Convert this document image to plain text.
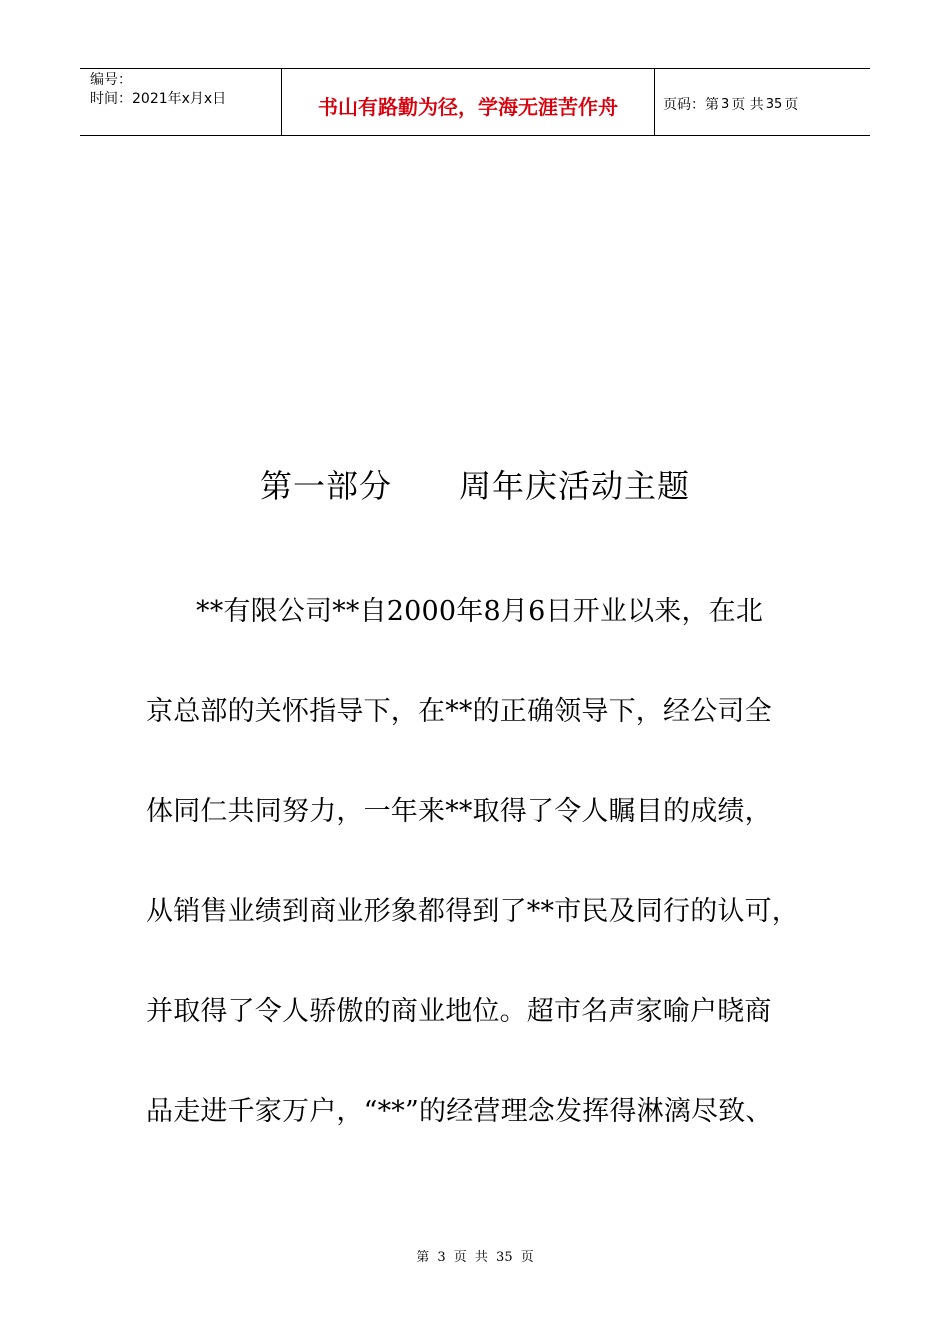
编号：
时间：2021年x月x日	书山有路勤为径，学海无涯苦作舟	页码：第 3 页 共 35 页
第一部分      周年庆活动主题
**有限公司**自2000年8月6日开业以来，在北
京总部的关怀指导下，在**的正确领导下，经公司全
体同仁共同努力，一年来**取得了令人瞩目的成绩，
从销售业绩到商业形象都得到了**市民及同行的认可，
并取得了令人骄傲的商业地位。超市名声家喻户晓商
品走进千家万户，“**”的经营理念发挥得淋漓尽致、
第 3 页 共 35 页
